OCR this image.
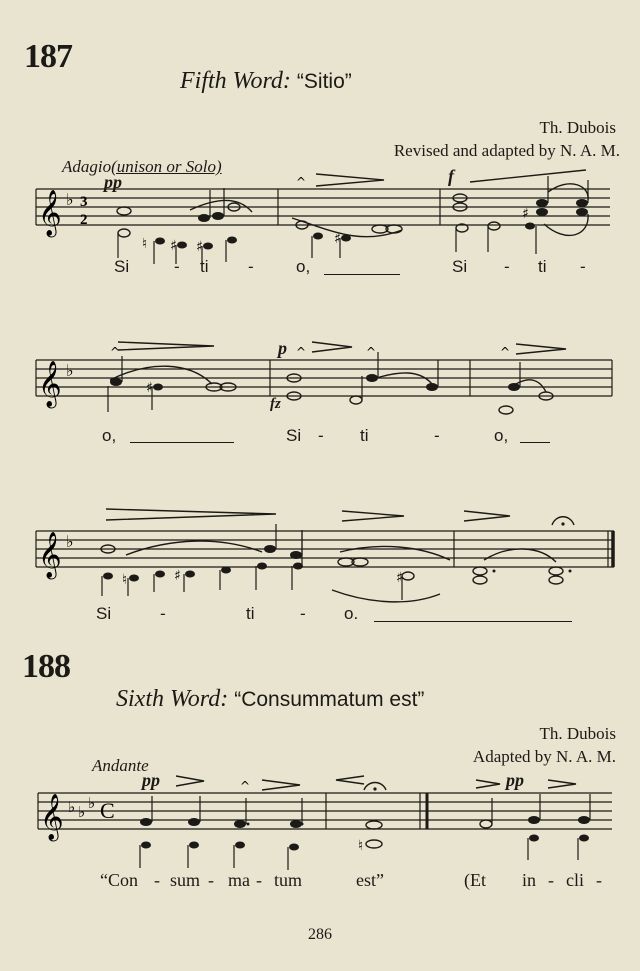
187
Fifth Word: “Sitio”
Th. Dubois
Revised and adapted by N. A. M.
Adagio(unison or Solo)
pp	f
𝄞 ♭ 3
2
^
♮ ♯ ♯	♯
♯
Si	- ti - o,	Si - ti -
p
fz
𝄞 ♭
^	^	^	^
♯
o,	Si - ti	-	o,
𝄞 ♭
♮	♯	♯
Si	-	ti	- o.
188
Sixth Word: “Consummatum est”
Th. Dubois
Adapted by N. A. M.
Andante
pp	pp
𝄞 ♭ ♭ ♭ C
^
♮
“Con - sum - ma - tum	est”	(Et in - cli -
286
